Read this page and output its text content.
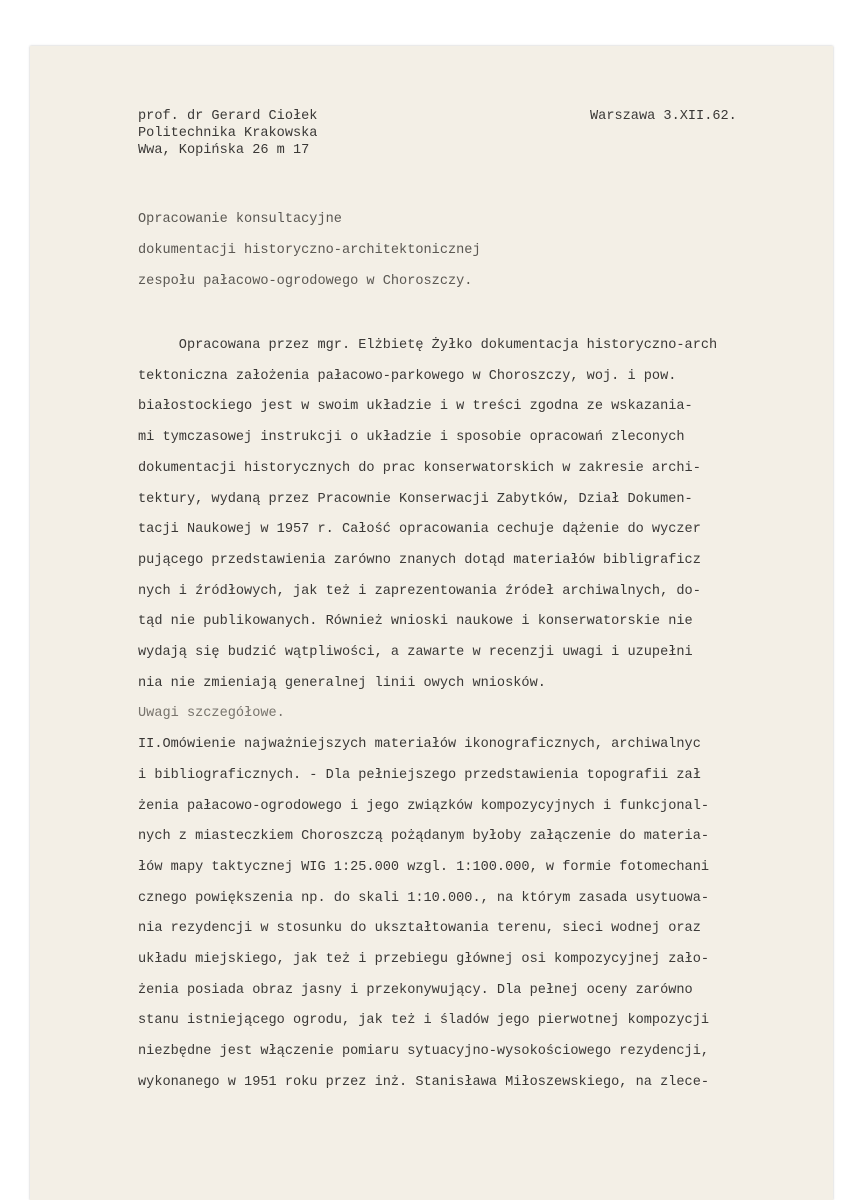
prof. dr Gerard Ciołek
Politechnika Krakowska
Wwa, Kopińska 26 m 17
Warszawa 3.XII.62.
Opracowanie konsultacyjne
dokumentacji historyczno-architektonicznej
zespołu pałacowo-ogrodowego w Choroszczy.
Opracowana przez mgr. Elżbietę Żyłko dokumentacja historyczno-arch
tektoniczna założenia pałacowo-parkowego w Choroszczy, woj. i pow.
białostockiego jest w swoim układzie i w treści zgodna ze wskazania-
mi tymczasowej instrukcji o układzie i sposobie opracowań zleconych
dokumentacji historycznych do prac konserwatorskich w zakresie archi-
tektury, wydaną przez Pracownie Konserwacji Zabytków, Dział Dokumen-
tacji Naukowej w 1957 r. Całość opracowania cechuje dążenie do wyczer
pującego przedstawienia zarówno znanych dotąd materiałów bibligraficz
nych i źródłowych, jak też i zaprezentowania źródeł archiwalnych, do-
tąd nie publikowanych. Również wnioski naukowe i konserwatorskie nie
wydają się budzić wątpliwości, a zawarte w recenzji uwagi i uzupełni
nia nie zmieniają generalnej linii owych wniosków.
Uwagi szczegółowe.
II.Omówienie najważniejszych materiałów ikonograficznych, archiwalnyc
i bibliograficznych. - Dla pełniejszego przedstawienia topografii zał
żenia pałacowo-ogrodowego i jego związków kompozycyjnych i funkcjonal-
nych z miasteczkiem Choroszczą pożądanym byłoby załączenie do materia-
łów mapy taktycznej WIG 1:25.000 wzgl. 1:100.000, w formie fotomechani
cznego powiększenia np. do skali 1:10.000., na którym zasada usytuowa-
nia rezydencji w stosunku do ukształtowania terenu, sieci wodnej oraz
układu miejskiego, jak też i przebiegu głównej osi kompozycyjnej zało-
żenia posiada obraz jasny i przekonywujący. Dla pełnej oceny zarówno
stanu istniejącego ogrodu, jak też i śladów jego pierwotnej kompozycji
niezbędne jest włączenie pomiaru sytuacyjno-wysokościowego rezydencji,
wykonanego w 1951 roku przez inż. Stanisława Miłoszewskiego, na zlece-
